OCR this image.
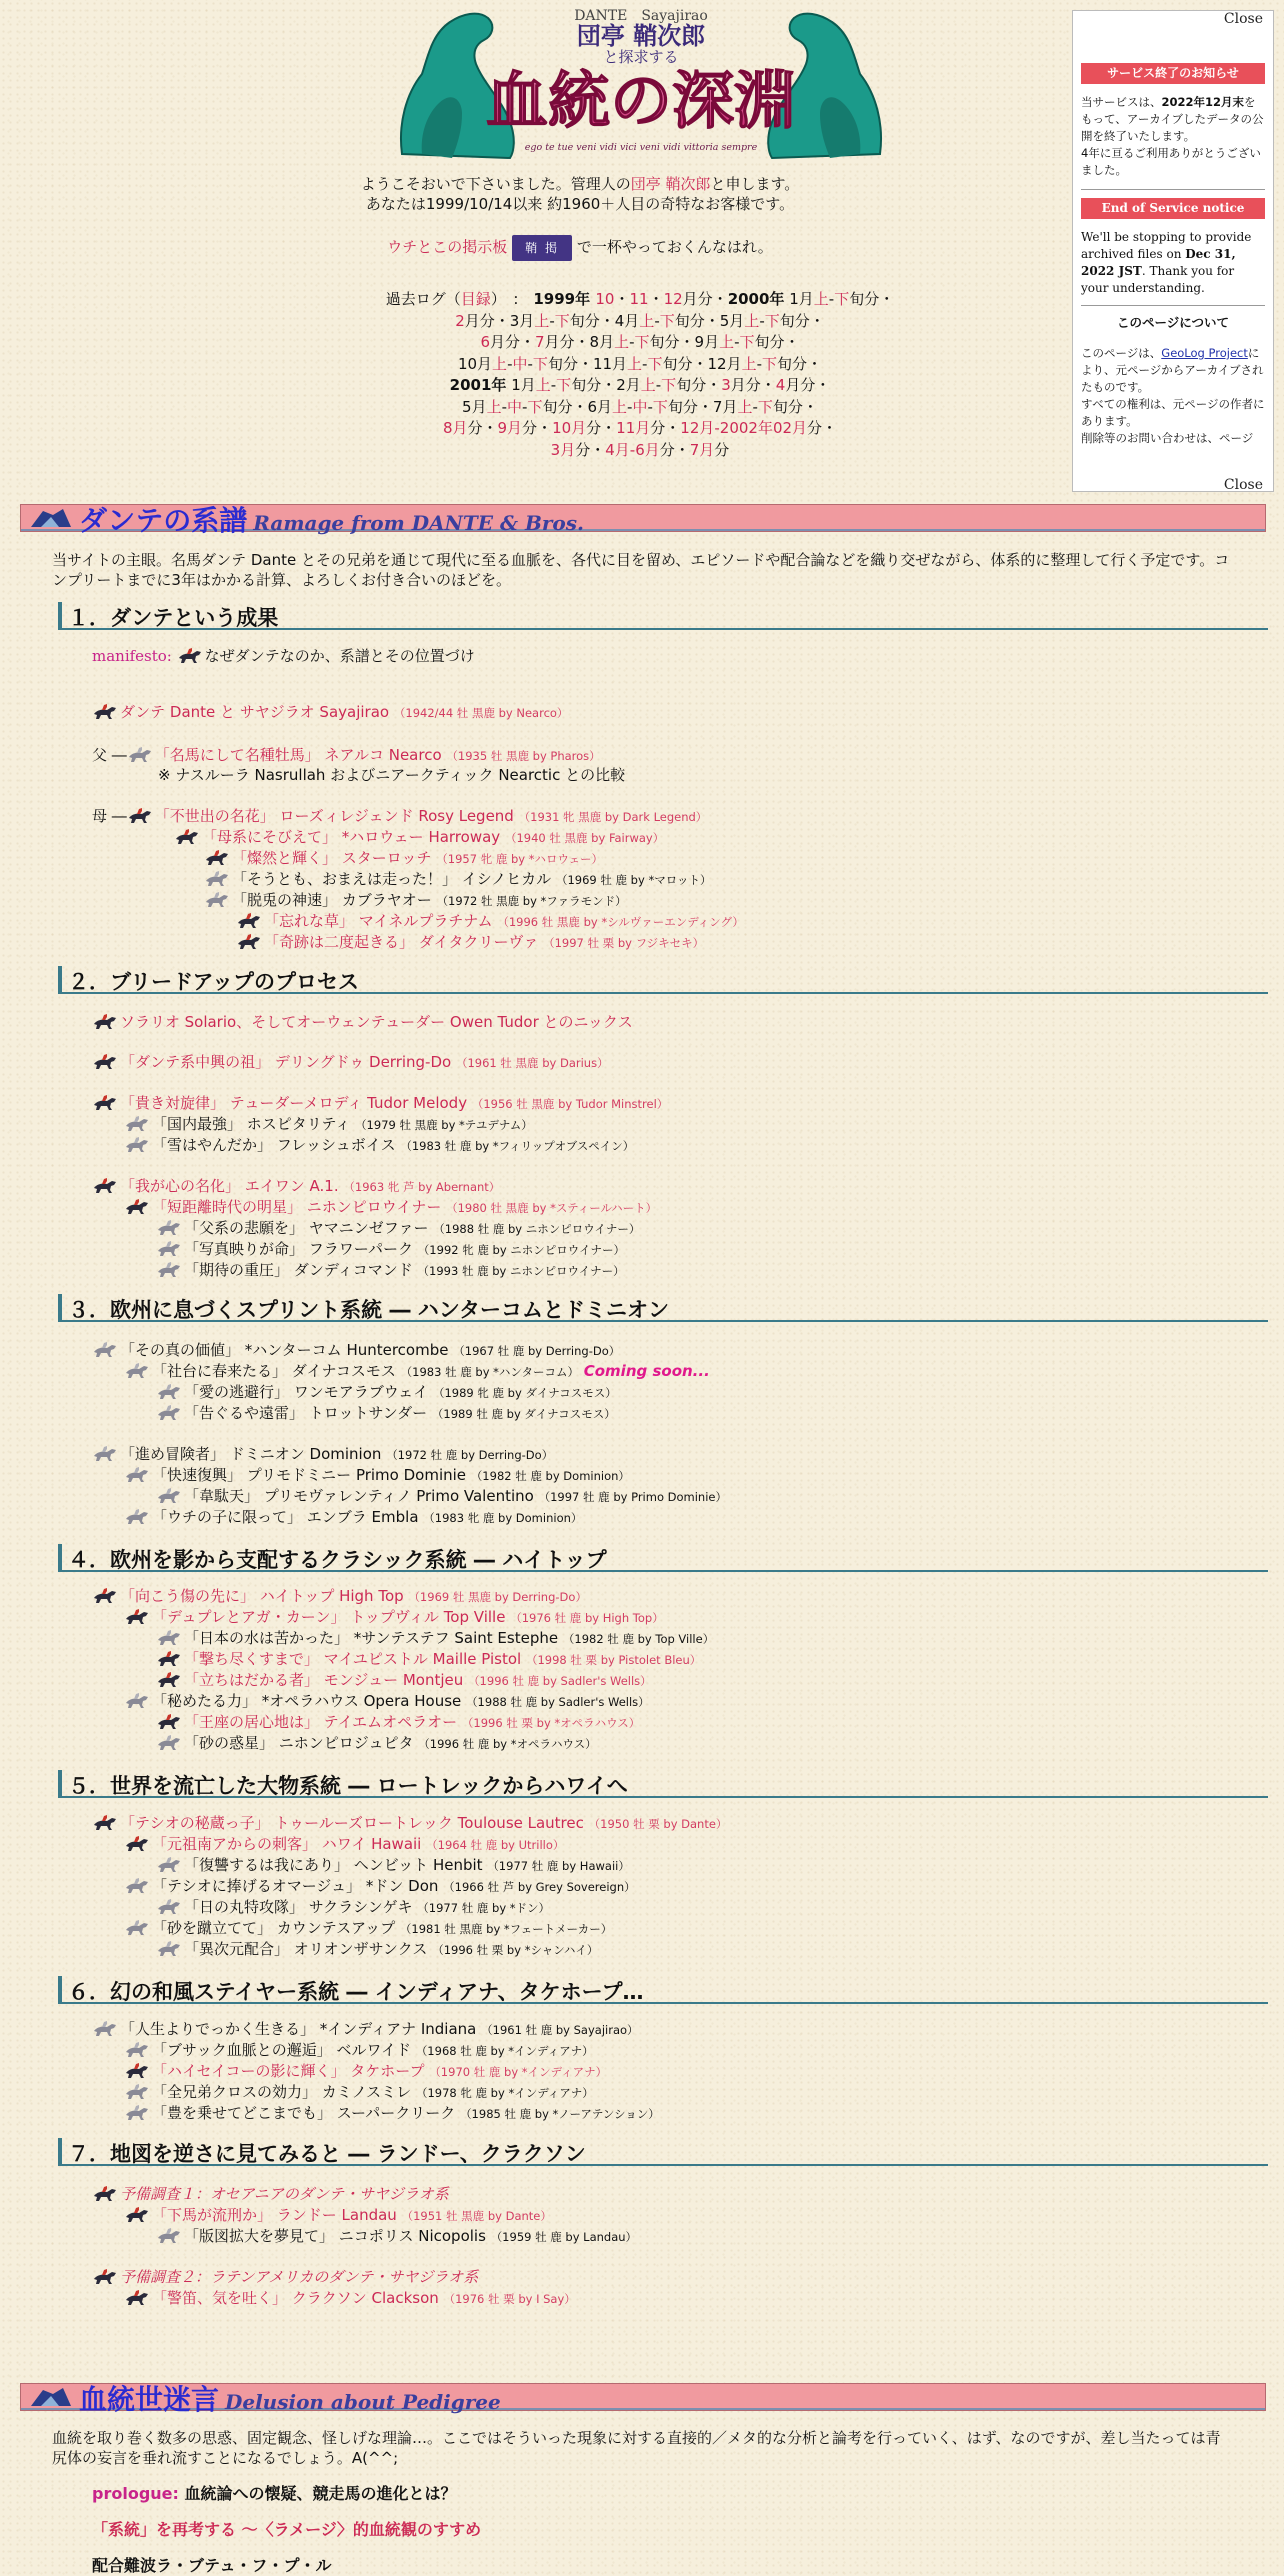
DANTE　Sayajirao
団亭 鞘次郎
と探求する
血統の深淵
ego te tue veni vidi vici veni vidi vittoria sempre
ようこそおいで下さいました。管理人の団亭 鞘次郎と申します。
あなたは1999/10/14以来 約1960＋人目の奇特なお客様です。
ウチとこの掲示板 鞘 掲 で一杯やっておくんなはれ。
過去ログ（目録）　:　1999年 10・11・12月分・2000年 1月上-下旬分・
2月分・3月上-下旬分・4月上-下旬分・5月上-下旬分・
6月分・7月分・8月上-下旬分・9月上-下旬分・
10月上-中-下旬分・11月上-下旬分・12月上-下旬分・
2001年 1月上-下旬分・2月上-下旬分・3月分・4月分・
5月上-中-下旬分・6月上-中-下旬分・7月上-下旬分・
8月分・9月分・10月分・11月分・12月-2002年02月分・
3月分・4月-6月分・7月分
Close
サービス終了のお知らせ
当サービスは、2022年12月末をもって、アーカイブしたデータの公開を終了いたします。
4年に亘るご利用ありがとうございました。
End of Service notice
We'll be stopping to provide archived files on Dec 31, 2022 JST. Thank you for your understanding.
このページについて
このページは、GeoLog Projectにより、元ページからアーカイブされたものです。
すべての権利は、元ページの作者にあります。
削除等のお問い合わせは、ページ
Close
ダンテの系譜 Ramage from DANTE & Bros.
当サイトの主眼。名馬ダンテ Dante とその兄弟を通じて現代に至る血脈を、各代に目を留め、エピソードや配合論などを織り交ぜながら、体系的に整理して行く予定です。コンプリートまでに3年はかかる計算、よろしくお付き合いのほどを。
１．ダンテという成果
２．ブリードアップのプロセス
３．欧州に息づくスプリント系統 ― ハンターコムとドミニオン
４．欧州を影から支配するクラシック系統 ― ハイトップ
５．世界を流亡した大物系統 ― ロートレックからハワイへ
６．幻の和風ステイヤー系統 ― インディアナ、タケホープ…
７．地図を逆さに見てみると ― ランドー、クラクソン
manifesto: なぜダンテなのか、系譜とその位置づけ
ダンテ Dante と サヤジラオ Sayajirao （1942/44 牡 黒鹿 by Nearco）
父 ― 「名馬にして名種牡馬」 ネアルコ Nearco （1935 牡 黒鹿 by Pharos）
※ ナスルーラ Nasrullah およびニアークティック Nearctic との比較
母 ― 「不世出の名花」 ローズィレジェンド Rosy Legend （1931 牝 黒鹿 by Dark Legend）
「母系にそびえて」 *ハロウェー Harroway （1940 牡 黒鹿 by Fairway）
「燦然と輝く」 スターロッチ （1957 牝 鹿 by *ハロウェー）
「そうとも、おまえは走った！」 イシノヒカル （1969 牡 鹿 by *マロット）
「脱兎の神速」 カブラヤオー （1972 牡 黒鹿 by *ファラモンド）
「忘れな草」 マイネルプラチナム （1996 牡 黒鹿 by *シルヴァーエンディング）
「奇跡は二度起きる」 ダイタクリーヴァ （1997 牡 栗 by フジキセキ）
ソラリオ Solario、そしてオーウェンテューダー Owen Tudor とのニックス
「ダンテ系中興の祖」 デリングドゥ Derring-Do （1961 牡 黒鹿 by Darius）
「貴き対旋律」 テューダーメロディ Tudor Melody （1956 牡 黒鹿 by Tudor Minstrel）
「国内最強」 ホスピタリティ （1979 牡 黒鹿 by *テユデナム）
「雪はやんだか」 フレッシュボイス （1983 牡 鹿 by *フィリップオブスペイン）
「我が心の名化」 エイワン A.1. （1963 牝 芦 by Abernant）
「短距離時代の明星」 ニホンピロウイナー （1980 牡 黒鹿 by *スティールハート）
「父系の悲願を」 ヤマニンゼファー （1988 牡 鹿 by ニホンピロウイナー）
「写真映りが命」 フラワーパーク （1992 牝 鹿 by ニホンピロウイナー）
「期待の重圧」 ダンディコマンド （1993 牡 鹿 by ニホンピロウイナー）
「その真の価値」 *ハンターコム Huntercombe （1967 牡 鹿 by Derring-Do）
「社台に春来たる」 ダイナコスモス （1983 牡 鹿 by *ハンターコム） Coming soon...
「愛の逃避行」 ワンモアラブウェイ （1989 牝 鹿 by ダイナコスモス）
「告ぐるや遠雷」 トロットサンダー （1989 牡 鹿 by ダイナコスモス）
「進め冒険者」 ドミニオン Dominion （1972 牡 鹿 by Derring-Do）
「快速復興」 プリモドミニー Primo Dominie （1982 牡 鹿 by Dominion）
「韋駄天」 プリモヴァレンティノ Primo Valentino （1997 牡 鹿 by Primo Dominie）
「ウチの子に限って」 エンブラ Embla （1983 牝 鹿 by Dominion）
「向こう傷の先に」 ハイトップ High Top （1969 牡 黒鹿 by Derring-Do）
「デュプレとアガ・カーン」 トップヴィル Top Ville （1976 牡 鹿 by High Top）
「日本の水は苦かった」 *サンテステフ Saint Estephe （1982 牡 鹿 by Top Ville）
「撃ち尽くすまで」 マイユピストル Maille Pistol （1998 牡 栗 by Pistolet Bleu）
「立ちはだかる者」 モンジュー Montjeu （1996 牡 鹿 by Sadler's Wells）
「秘めたる力」 *オペラハウス Opera House （1988 牡 鹿 by Sadler's Wells）
「王座の居心地は」 テイエムオペラオー （1996 牡 栗 by *オペラハウス）
「砂の惑星」 ニホンピロジュピタ （1996 牡 鹿 by *オペラハウス）
「テシオの秘蔵っ子」 トゥールーズロートレック Toulouse Lautrec （1950 牡 栗 by Dante）
「元祖南アからの刺客」 ハワイ Hawaii （1964 牡 鹿 by Utrillo）
「復讐するは我にあり」 ヘンビット Henbit （1977 牡 鹿 by Hawaii）
「テシオに捧げるオマージュ」 *ドン Don （1966 牡 芦 by Grey Sovereign）
「日の丸特攻隊」 サクラシンゲキ （1977 牡 鹿 by *ドン）
「砂を蹴立てて」 カウンテスアップ （1981 牡 黒鹿 by *フェートメーカー）
「異次元配合」 オリオンザサンクス （1996 牡 栗 by *シャンハイ）
「人生よりでっかく生きる」 *インディアナ Indiana （1961 牡 鹿 by Sayajirao）
「ブサック血脈との邂逅」 ベルワイド （1968 牡 鹿 by *インディアナ）
「ハイセイコーの影に輝く」 タケホープ （1970 牡 鹿 by *インディアナ）
「全兄弟クロスの効力」 カミノスミレ （1978 牝 鹿 by *インディアナ）
「豊を乗せてどこまでも」 スーパークリーク （1985 牡 鹿 by *ノーアテンション）
予備調査１：オセアニアのダンテ・サヤジラオ系
「下馬が流刑か」 ランドー Landau （1951 牡 黒鹿 by Dante）
「版図拡大を夢見て」 ニコポリス Nicopolis （1959 牡 鹿 by Landau）
予備調査２：ラテンアメリカのダンテ・サヤジラオ系
「警笛、気を吐く」 クラクソン Clackson （1976 牡 栗 by I Say）
血統世迷言 Delusion about Pedigree
血統を取り巻く数多の思惑、固定観念、怪しげな理論…。ここではそういった現象に対する直接的／メタ的な分析と論考を行っていく、はず、なのですが、差し当たっては青尻体の妄言を垂れ流すことになるでしょう。A(^^;
prologue: 血統論への懐疑、競走馬の進化とは？
「系統」を再考する ～〈ラメージ〉的血統観のすすめ
配合難波ラ・ブテュ・フ・プ・ル
